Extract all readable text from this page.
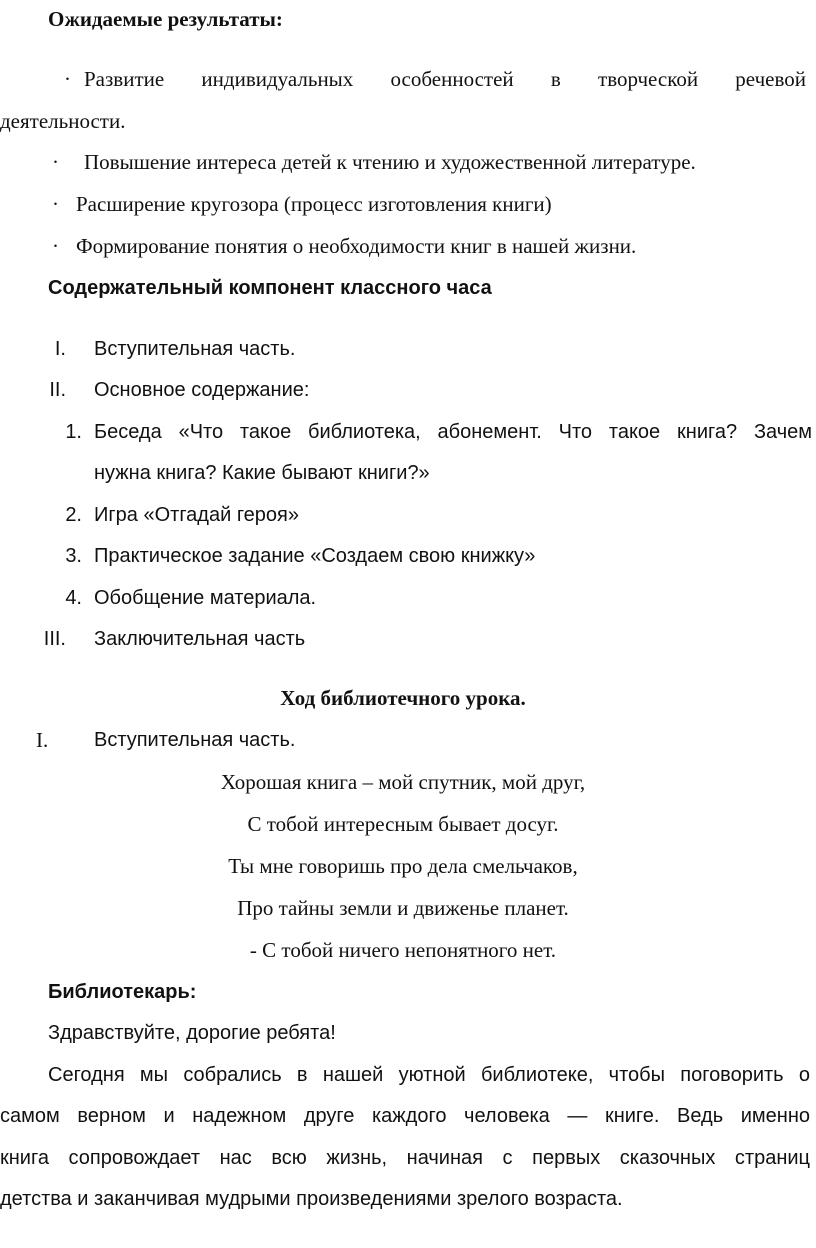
Ожидаемые результаты:
· Развитие индивидуальных особенностей в творческой речевой
деятельности.
· Повышение интереса детей к чтению и художественной литературе.
· Расширение кругозора (процесс изготовления книги)
· Формирование понятия о необходимости книг в нашей жизни.
Содержательный компонент классного часа
I. Вступительная часть.
II. Основное содержание:
1. Беседа «Что такое библиотека, абонемент. Что такое книга? Зачем
нужна книга? Какие бывают книги?»
2. Игра «Отгадай героя»
3. Практическое задание «Создаем свою книжку»
4. Обобщение материала.
III. Заключительная часть
Ход библиотечного урока.
I. Вступительная часть.
Хорошая книга – мой спутник, мой друг,
С тобой интересным бывает досуг.
Ты мне говоришь про дела смельчаков,
Про тайны земли и движенье планет.
- С тобой ничего непонятного нет.
Библиотекарь:
Здравствуйте, дорогие ребята!
Сегодня мы собрались в нашей уютной библиотеке, чтобы поговорить о
самом верном и надежном друге каждого человека — книге. Ведь именно
книга сопровождает нас всю жизнь, начиная с первых сказочных страниц
детства и заканчивая мудрыми произведениями зрелого возраста.
